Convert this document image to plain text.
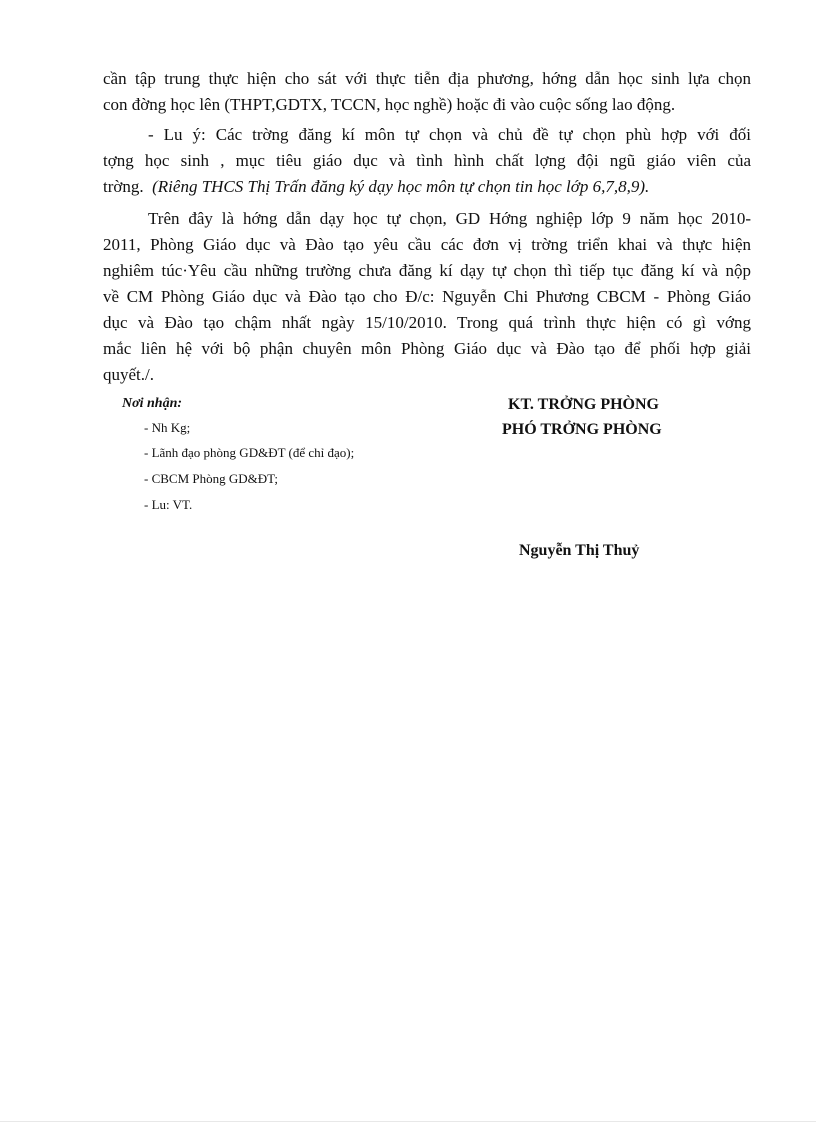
cần tập trung thực hiện cho sát với thực tiễn địa phương, hớng dẫn học sinh lựa chọn
con đờng học lên (THPT,GDTX, TCCN, học nghề) hoặc đi vào cuộc sống lao động.
- Lu ý: Các trờng đăng kí môn tự chọn và chủ đề tự chọn phù hợp với đối
tợng học sinh , mục tiêu giáo dục và tình hình chất lợng đội ngũ giáo viên của
trờng. (Riêng THCS Thị Trấn đăng ký dạy học môn tự chọn tin học lớp 6,7,8,9).
Trên đây là hớng dẫn dạy học tự chọn, GD Hớng nghiệp lớp 9 năm học 2010-
2011, Phòng Giáo dục và Đào tạo yêu cầu các đơn vị trờng triển khai và thực hiện
nghiêm túc·Yêu cầu những trường chưa đăng kí dạy tự chọn thì tiếp tục đăng kí và nộp
về CM Phòng Giáo dục và Đào tạo cho Đ/c: Nguyễn Chi Phương CBCM - Phòng Giáo
dục và Đào tạo chậm nhất ngày 15/10/2010. Trong quá trình thực hiện có gì vớng
mắc liên hệ với bộ phận chuyên môn Phòng Giáo dục và Đào tạo để phối hợp giải
quyết./.
Nơi nhận:
- Nh Kg;
- Lãnh đạo phòng GD&ĐT (để chỉ đạo);
- CBCM Phòng GD&ĐT;
- Lu: VT.
KT. TRỞNG PHÒNG
PHÓ TRỞNG PHÒNG
Nguyễn Thị Thuỷ
